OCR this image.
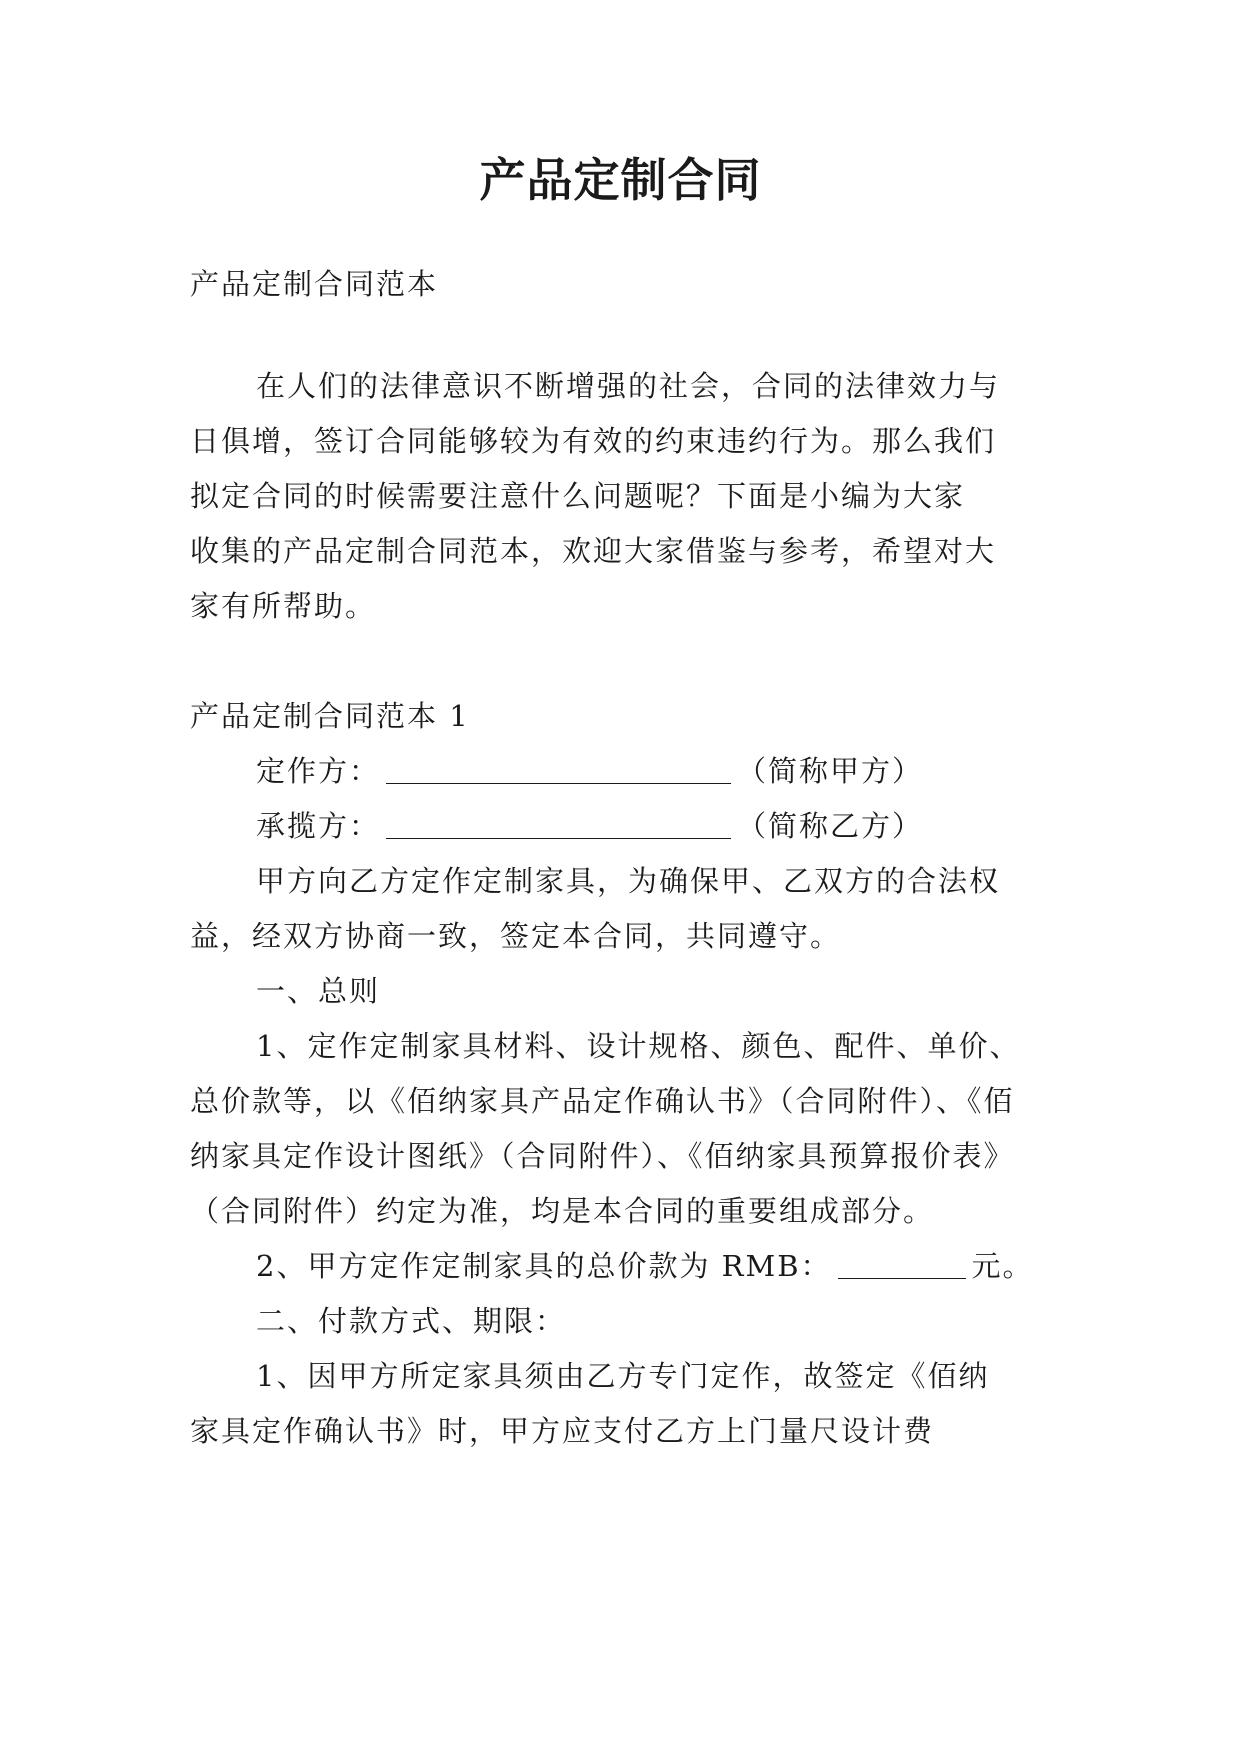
产品定制合同
产品定制合同范本
在人们的法律意识不断增强的社会，合同的法律效力与
日俱增，签订合同能够较为有效的约束违约行为。那么我们
拟定合同的时候需要注意什么问题呢？下面是小编为大家
收集的产品定制合同范本，欢迎大家借鉴与参考，希望对大
家有所帮助。
产品定制合同范本 1
定作方：	（简称甲方）
承揽方：	（简称乙方）
甲方向乙方定作定制家具，为确保甲、乙双方的合法权
益，经双方协商一致，签定本合同，共同遵守。
一、总则
1、定作定制家具材料、设计规格、颜色、配件、单价、
总价款等，以《佰纳家具产品定作确认书》（合同附件）、《佰
纳家具定作设计图纸》（合同附件）、《佰纳家具预算报价表》
（合同附件）约定为准，均是本合同的重要组成部分。
2、甲方定作定制家具的总价款为 RMB：	元。
二、付款方式、期限：
1、因甲方所定家具须由乙方专门定作，故签定《佰纳
家具定作确认书》时，甲方应支付乙方上门量尺设计费
